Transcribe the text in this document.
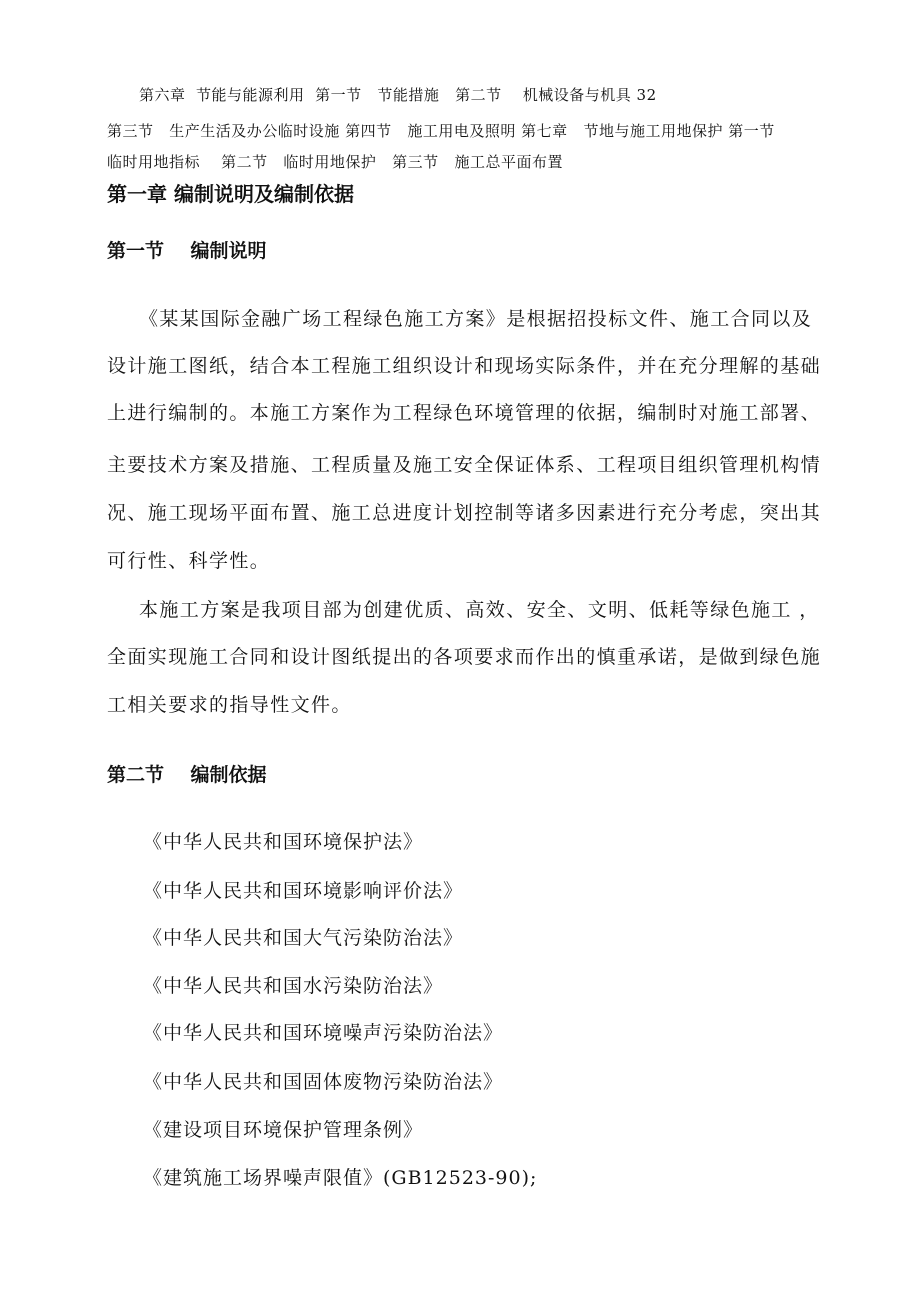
第六章  节能与能源利用  第一节   节能措施   第二节    机械设备与机具 32
第三节   生产生活及办公临时设施 第四节   施工用电及照明 第七章   节地与施工用地保护 第一节
临时用地指标    第二节   临时用地保护   第三节   施工总平面布置
第一章 编制说明及编制依据
第一节    编制说明
《某某国际金融广场工程绿色施工方案》是根据招投标文件、施工合同以及
设计施工图纸，结合本工程施工组织设计和现场实际条件，并在充分理解的基础
上进行编制的。本施工方案作为工程绿色环境管理的依据，编制时对施工部署、
主要技术方案及措施、工程质量及施工安全保证体系、工程项目组织管理机构情
况、施工现场平面布置、施工总进度计划控制等诸多因素进行充分考虑，突出其
可行性、科学性。
本施工方案是我项目部为创建优质、高效、安全、文明、低耗等绿色施工 ，
全面实现施工合同和设计图纸提出的各项要求而作出的慎重承诺，是做到绿色施
工相关要求的指导性文件。
第二节    编制依据
《中华人民共和国环境保护法》
《中华人民共和国环境影响评价法》
《中华人民共和国大气污染防治法》
《中华人民共和国水污染防治法》
《中华人民共和国环境噪声污染防治法》
《中华人民共和国固体废物污染防治法》
《建设项目环境保护管理条例》
《建筑施工场界噪声限值》(GB12523-90);
